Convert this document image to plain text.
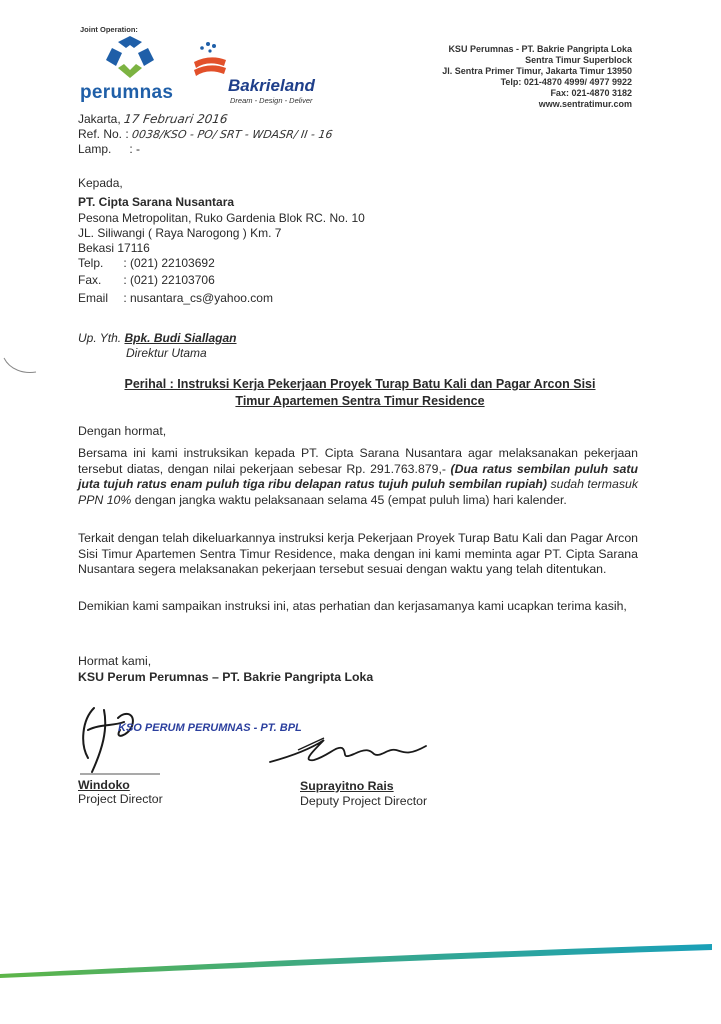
Joint Operation:
perumnas	Bakrieland
Dream - Design - Deliver
KSU Perumnas - PT. Bakrie Pangripta Loka
Sentra Timur Superblock
Jl. Sentra Primer Timur, Jakarta Timur 13950
Telp: 021-4870 4999/ 4977 9922
Fax: 021-4870 3182
www.sentratimur.com
Jakarta, 17 Februari 2016
Ref. No. : 0038/KSO - PO/ SRT - WDASR/ II - 16
Lamp. : -
Kepada,
PT. Cipta Sarana Nusantara
Pesona Metropolitan, Ruko Gardenia Blok RC. No. 10
JL. Siliwangi ( Raya Narogong ) Km. 7
Bekasi 17116
Telp. : (021) 22103692
Fax. : (021) 22103706
Email : nusantara_cs@yahoo.com
Up. Yth. Bpk. Budi Siallagan
Direktur Utama
Perihal : Instruksi Kerja Pekerjaan Proyek Turap Batu Kali dan Pagar Arcon Sisi
Timur Apartemen Sentra Timur Residence
Dengan hormat,
Bersama ini kami instruksikan kepada PT. Cipta Sarana Nusantara agar melaksanakan pekerjaan tersebut diatas, dengan nilai pekerjaan sebesar Rp. 291.763.879,- (Dua ratus sembilan puluh satu juta tujuh ratus enam puluh tiga ribu delapan ratus tujuh puluh sembilan rupiah) sudah termasuk PPN 10% dengan jangka waktu pelaksanaan selama 45 (empat puluh lima) hari kalender.
Terkait dengan telah dikeluarkannya instruksi kerja Pekerjaan Proyek Turap Batu Kali dan Pagar Arcon Sisi Timur Apartemen Sentra Timur Residence, maka dengan ini kami meminta agar PT. Cipta Sarana Nusantara segera melaksanakan pekerjaan tersebut sesuai dengan waktu yang telah ditentukan.
Demikian kami sampaikan instruksi ini, atas perhatian dan kerjasamanya kami ucapkan terima kasih,
Hormat kami,
KSU Perum Perumnas – PT. Bakrie Pangripta Loka
KSO PERUM PERUMNAS - PT. BPL
Windoko
Project Director
Suprayitno Rais
Deputy Project Director
